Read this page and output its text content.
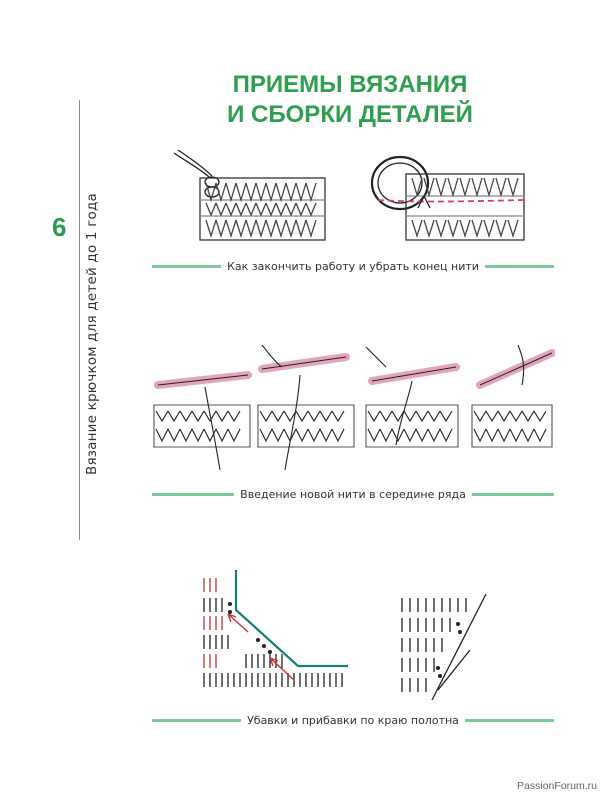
6 Вязание крючком для детей до 1 года
ПРИЕМЫ ВЯЗАНИЯ
И СБОРКИ ДЕТАЛЕЙ
Как закончить работу и убрать конец нити
Введение новой нити в середине ряда
Убавки и прибавки по краю полотна
PassionForum.ru
